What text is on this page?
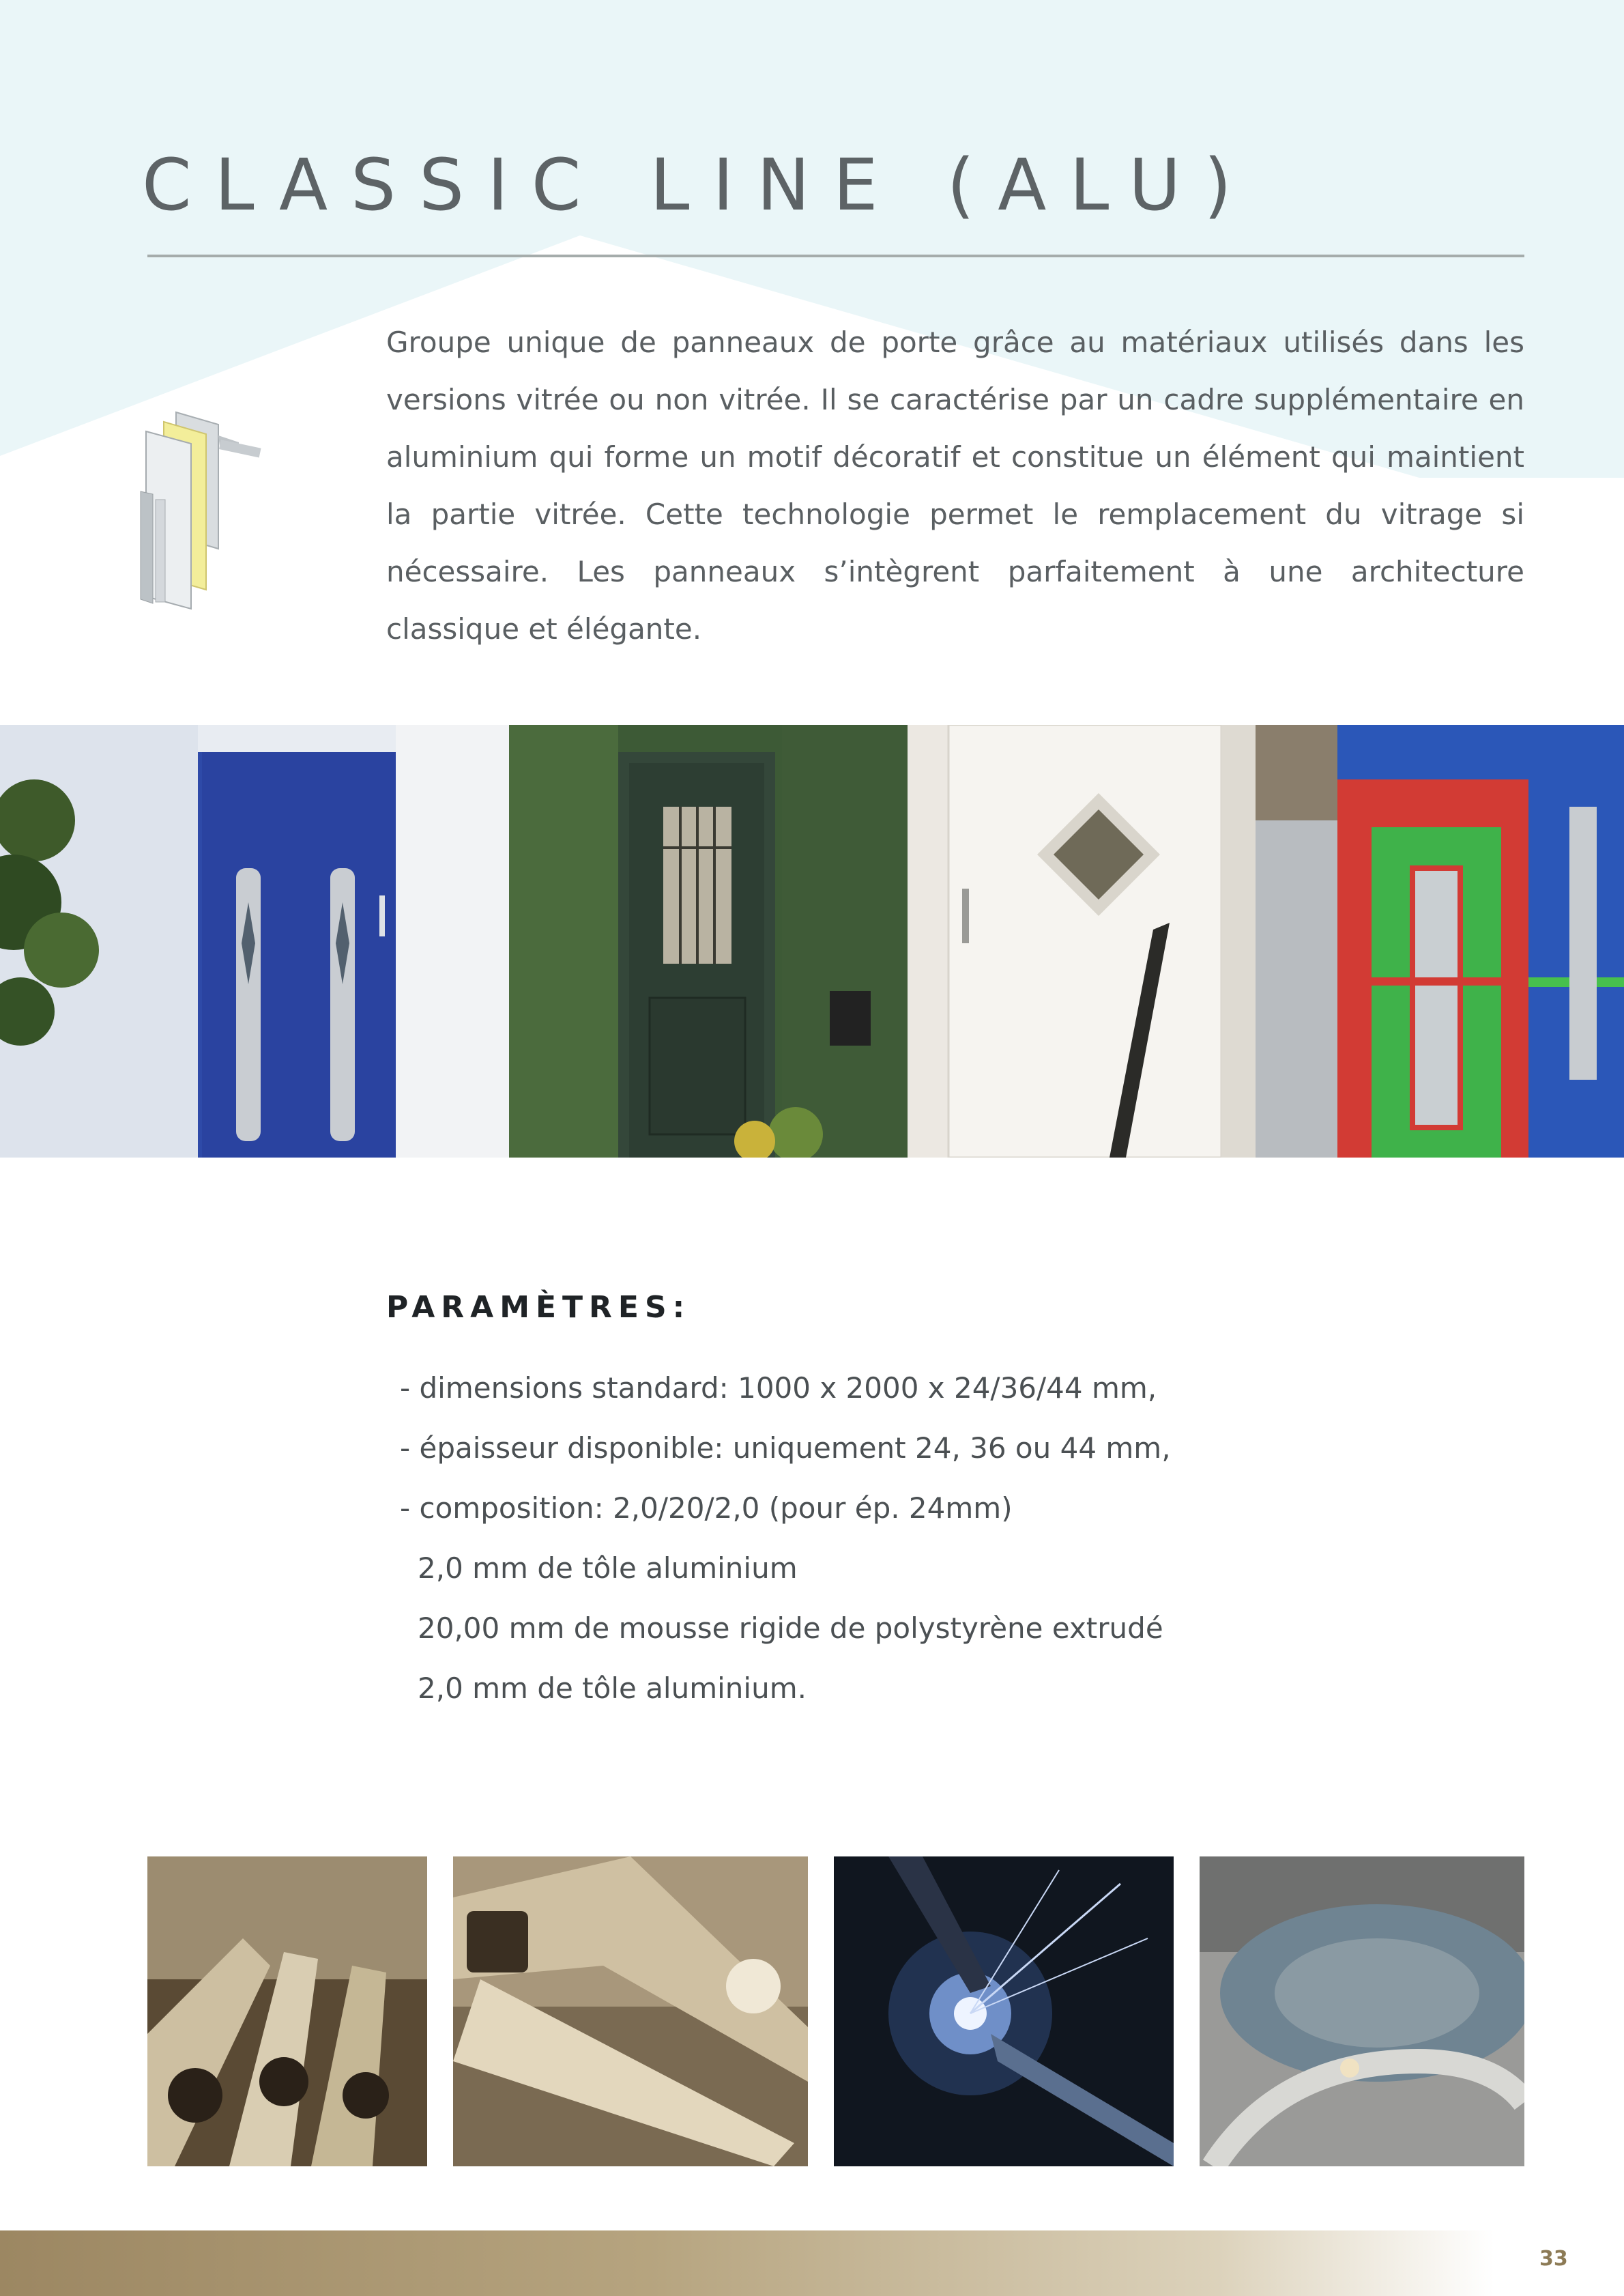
CLASSIC LINE (ALU)

Groupe unique de panneaux de porte grâce au matériaux utilisés dans les versions vitrée ou non vitrée. Il se caractérise par un cadre supplémentaire en aluminium qui forme un motif décoratif et constitue un élément qui maintient la partie vitrée. Cette technologie permet le remplacement du vitrage si nécessaire. Les panneaux s’intègrent parfaitement à une architecture classique et élégante.

PARAMÈTRES:
- dimensions standard: 1000 x 2000 x 24/36/44 mm,
- épaisseur disponible: uniquement 24, 36 ou 44 mm,
- composition: 2,0/20/2,0 (pour ép. 24mm)
2,0 mm de tôle aluminium
20,00 mm de mousse rigide de polystyrène extrudé
2,0 mm de tôle aluminium.
33
